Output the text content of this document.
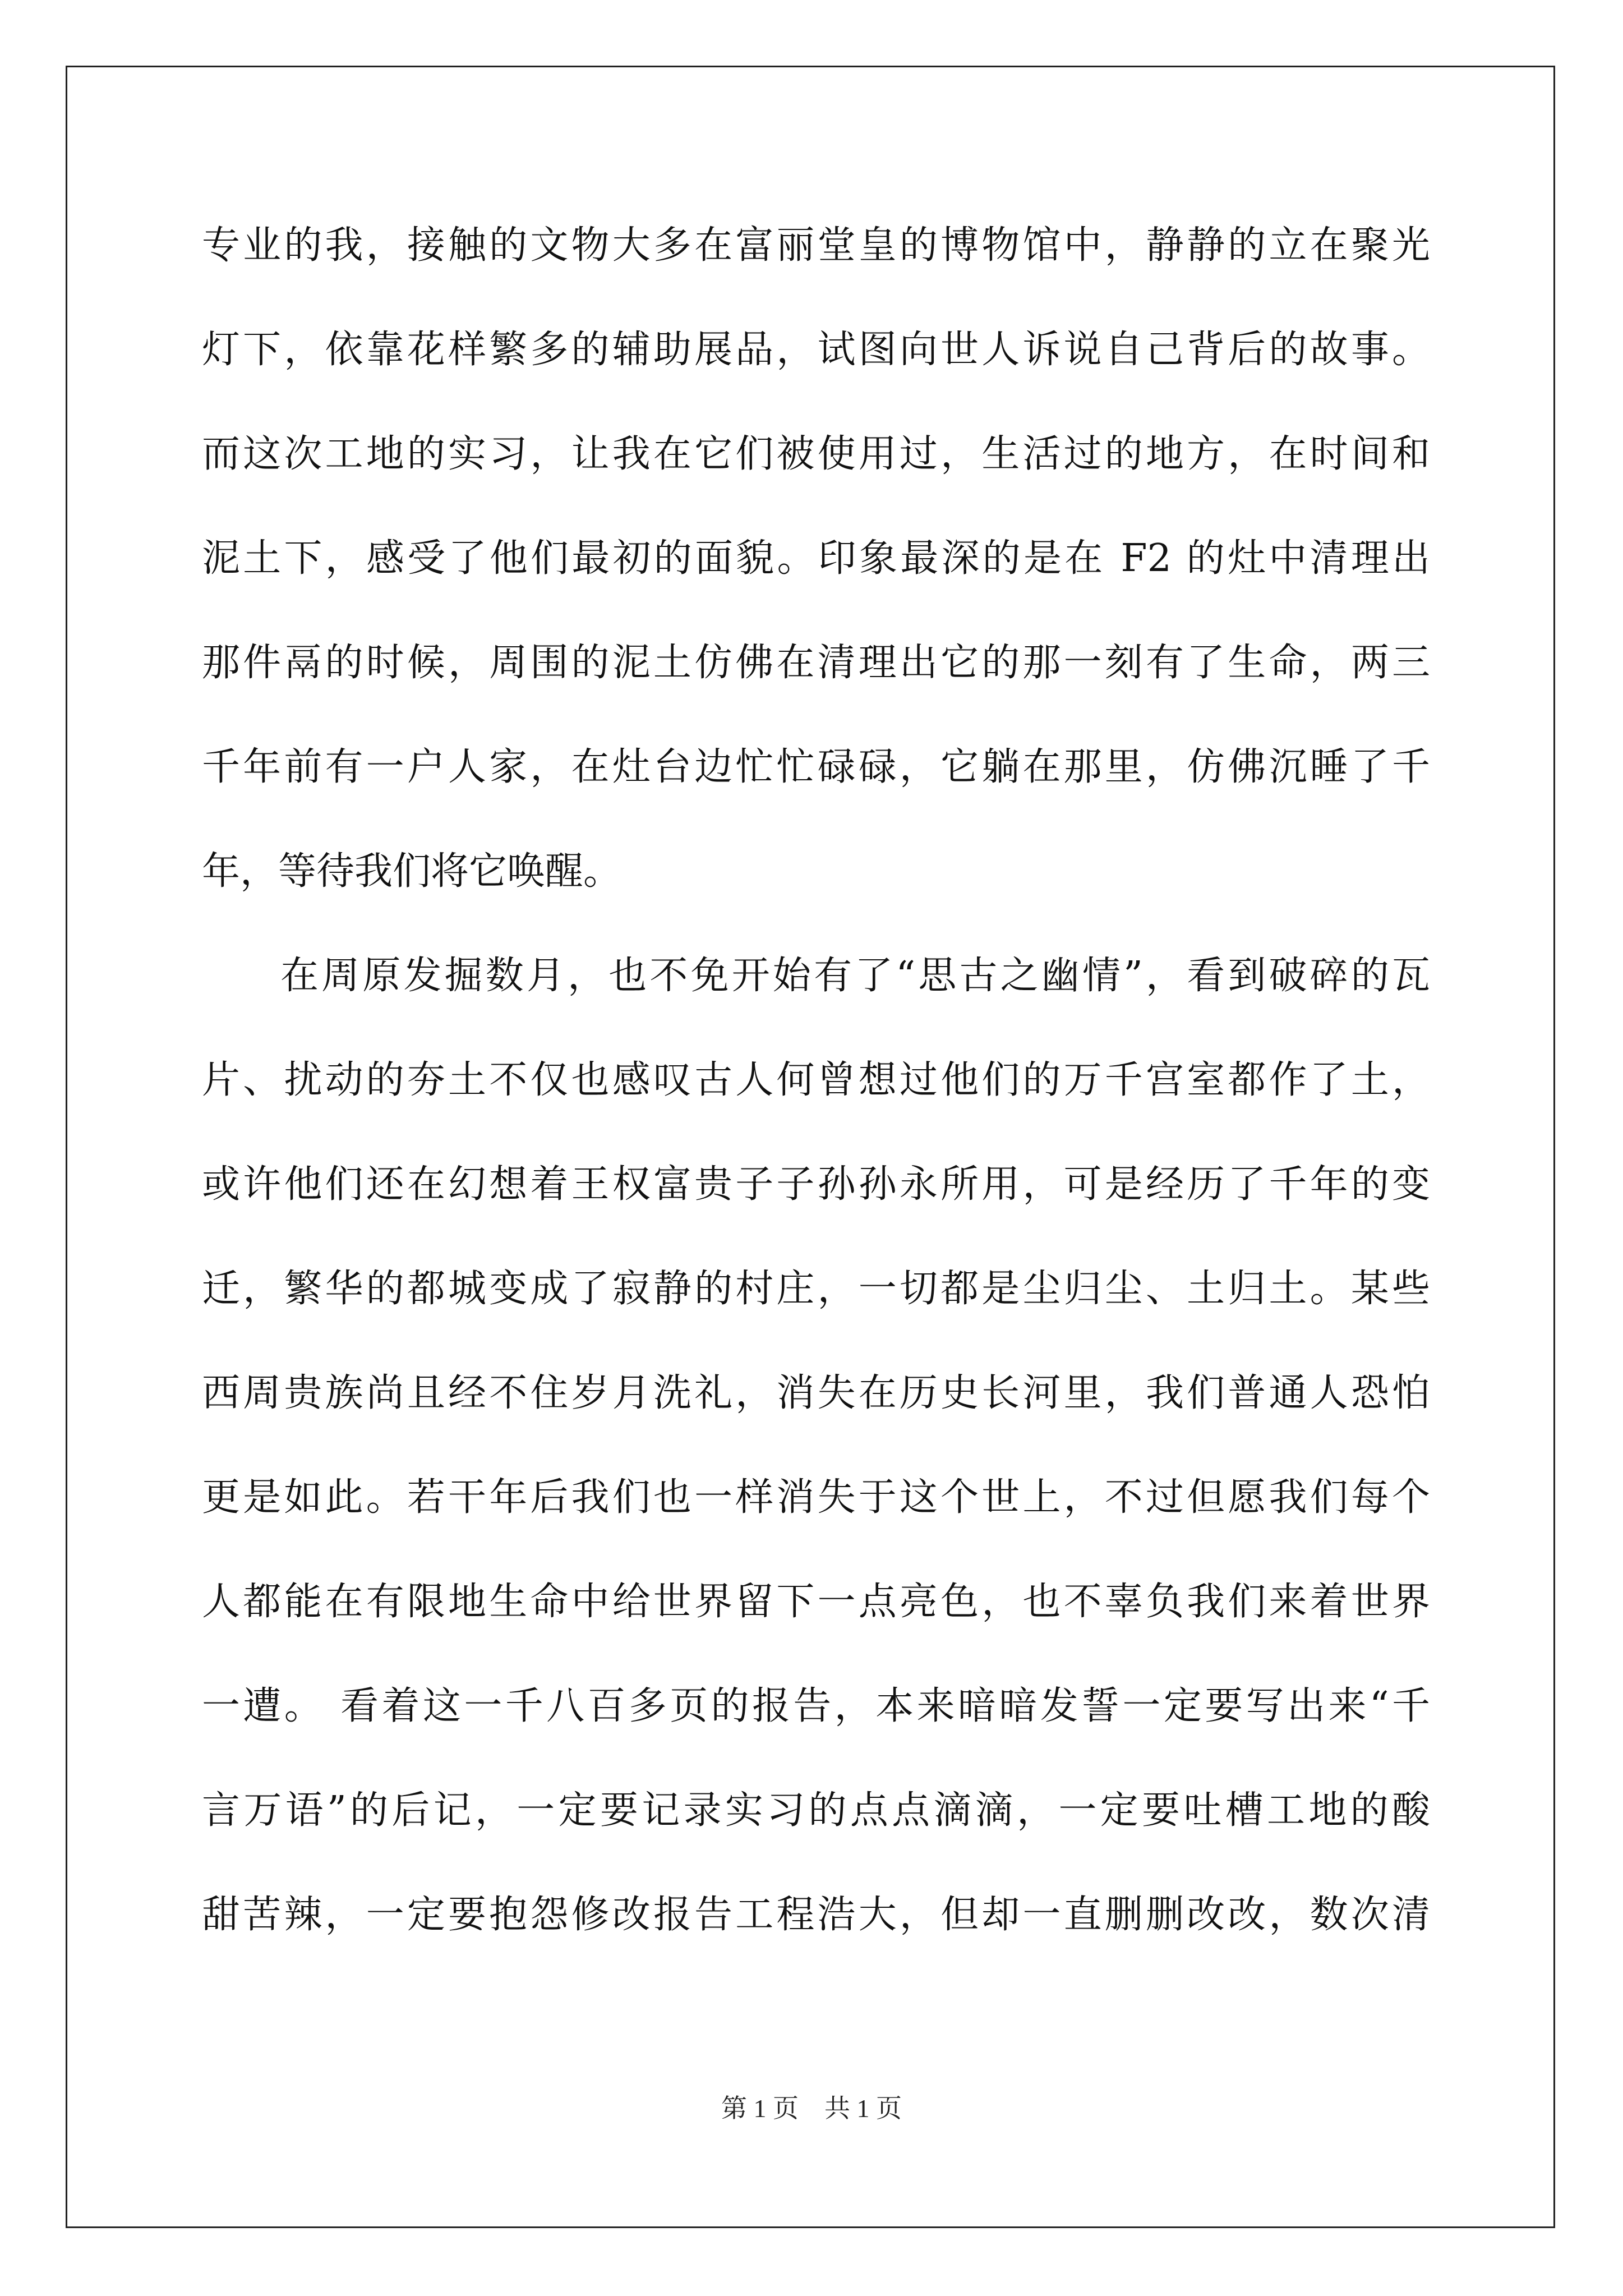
专业的我，接触的文物大多在富丽堂皇的博物馆中，静静的立在聚光
灯下，依靠花样繁多的辅助展品，试图向世人诉说自己背后的故事。
而这次工地的实习，让我在它们被使用过，生活过的地方，在时间和
泥土下，感受了他们最初的面貌。印象最深的是在 F2 的灶中清理出
那件鬲的时候，周围的泥土仿佛在清理出它的那一刻有了生命，两三
千年前有一户人家，在灶台边忙忙碌碌，它躺在那里，仿佛沉睡了千
年，等待我们将它唤醒。
在周原发掘数月，也不免开始有了“思古之幽情”，看到破碎的瓦
片、扰动的夯土不仅也感叹古人何曾想过他们的万千宫室都作了土，
或许他们还在幻想着王权富贵子子孙孙永所用，可是经历了千年的变
迁，繁华的都城变成了寂静的村庄，一切都是尘归尘、土归土。某些
西周贵族尚且经不住岁月洗礼，消失在历史长河里，我们普通人恐怕
更是如此。若干年后我们也一样消失于这个世上，不过但愿我们每个
人都能在有限地生命中给世界留下一点亮色，也不辜负我们来着世界
一遭。 看着这一千八百多页的报告，本来暗暗发誓一定要写出来“千
言万语”的后记，一定要记录实习的点点滴滴，一定要吐槽工地的酸
甜苦辣，一定要抱怨修改报告工程浩大，但却一直删删改改，数次清
第 1 页　共 1 页
